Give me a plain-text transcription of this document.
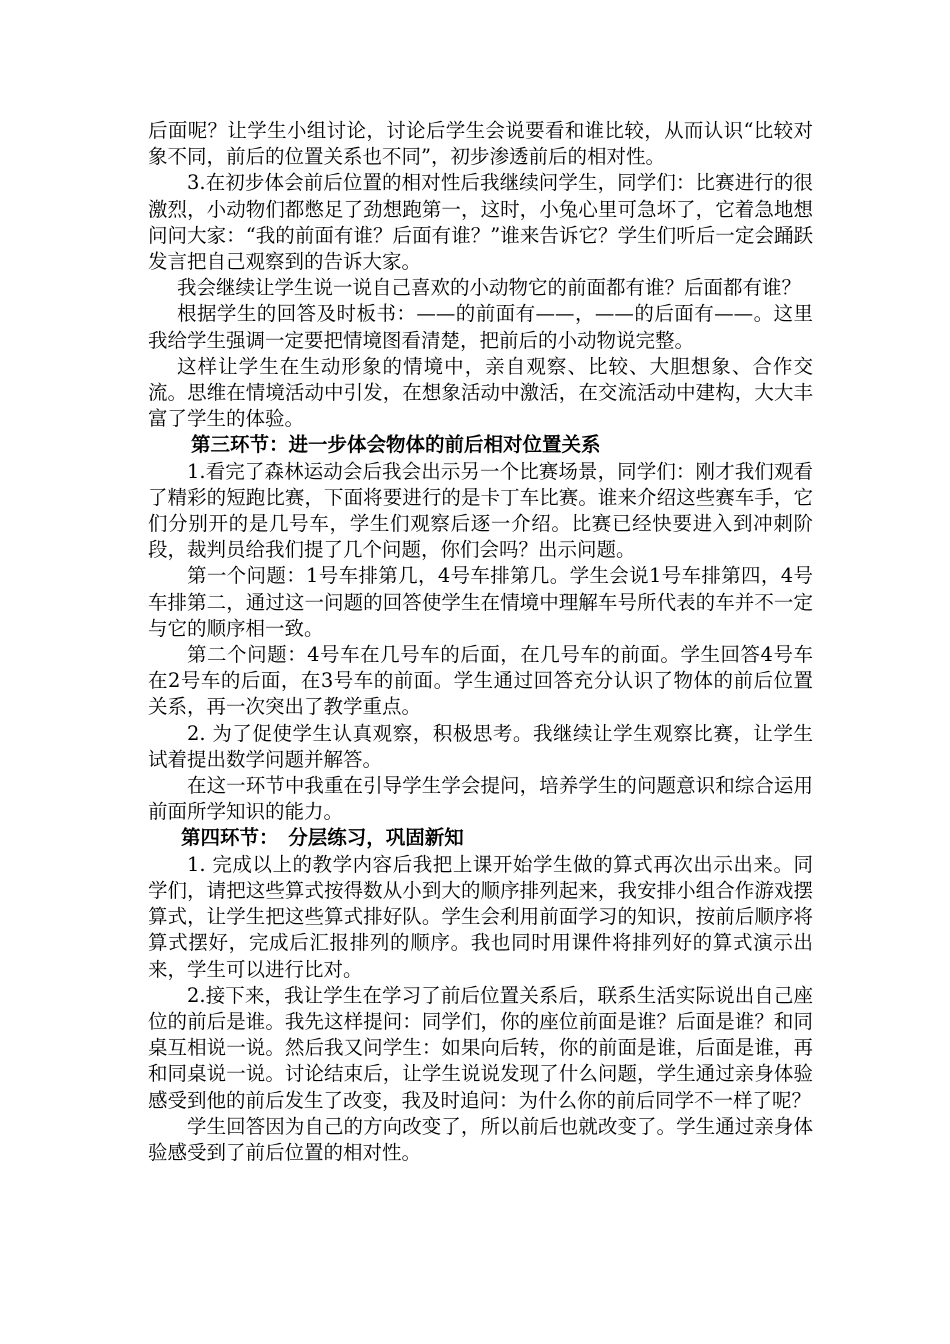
后面呢？让学生小组讨论，讨论后学生会说要看和谁比较，从而认识“比较对象不同，前后的位置关系也不同”，初步渗透前后的相对性。

3.在初步体会前后位置的相对性后我继续问学生，同学们：比赛进行的很激烈，小动物们都憋足了劲想跑第一，这时，小兔心里可急坏了，它着急地想问问大家：“我的前面有谁？后面有谁？”谁来告诉它？学生们听后一定会踊跃发言把自己观察到的告诉大家。

我会继续让学生说一说自己喜欢的小动物它的前面都有谁？后面都有谁？

根据学生的回答及时板书：——的前面有——，——的后面有——。这里我给学生强调一定要把情境图看清楚，把前后的小动物说完整。

这样让学生在生动形象的情境中，亲自观察、比较、大胆想象、合作交流。思维在情境活动中引发，在想象活动中激活，在交流活动中建构，大大丰富了学生的体验。

第三环节：进一步体会物体的前后相对位置关系

1.看完了森林运动会后我会出示另一个比赛场景，同学们：刚才我们观看了精彩的短跑比赛，下面将要进行的是卡丁车比赛。谁来介绍这些赛车手，它们分别开的是几号车，学生们观察后逐一介绍。比赛已经快要进入到冲刺阶段，裁判员给我们提了几个问题，你们会吗？出示问题。

第一个问题：1号车排第几，4号车排第几。学生会说1号车排第四，4号车排第二，通过这一问题的回答使学生在情境中理解车号所代表的车并不一定与它的顺序相一致。

第二个问题：4号车在几号车的后面，在几号车的前面。学生回答4号车在2号车的后面，在3号车的前面。学生通过回答充分认识了物体的前后位置关系，再一次突出了教学重点。

2. 为了促使学生认真观察，积极思考。我继续让学生观察比赛，让学生试着提出数学问题并解答。

在这一环节中我重在引导学生学会提问，培养学生的问题意识和综合运用前面所学知识的能力。

第四环节：　分层练习，巩固新知

1. 完成以上的教学内容后我把上课开始学生做的算式再次出示出来。同学们，请把这些算式按得数从小到大的顺序排列起来，我安排小组合作游戏摆算式，让学生把这些算式排好队。学生会利用前面学习的知识，按前后顺序将算式摆好，完成后汇报排列的顺序。我也同时用课件将排列好的算式演示出来，学生可以进行比对。

2.接下来，我让学生在学习了前后位置关系后，联系生活实际说出自己座位的前后是谁。我先这样提问：同学们，你的座位前面是谁？后面是谁？和同桌互相说一说。然后我又问学生：如果向后转，你的前面是谁，后面是谁，再和同桌说一说。讨论结束后，让学生说说发现了什么问题，学生通过亲身体验感受到他的前后发生了改变，我及时追问：为什么你的前后同学不一样了呢？

学生回答因为自己的方向改变了，所以前后也就改变了。学生通过亲身体验感受到了前后位置的相对性。
